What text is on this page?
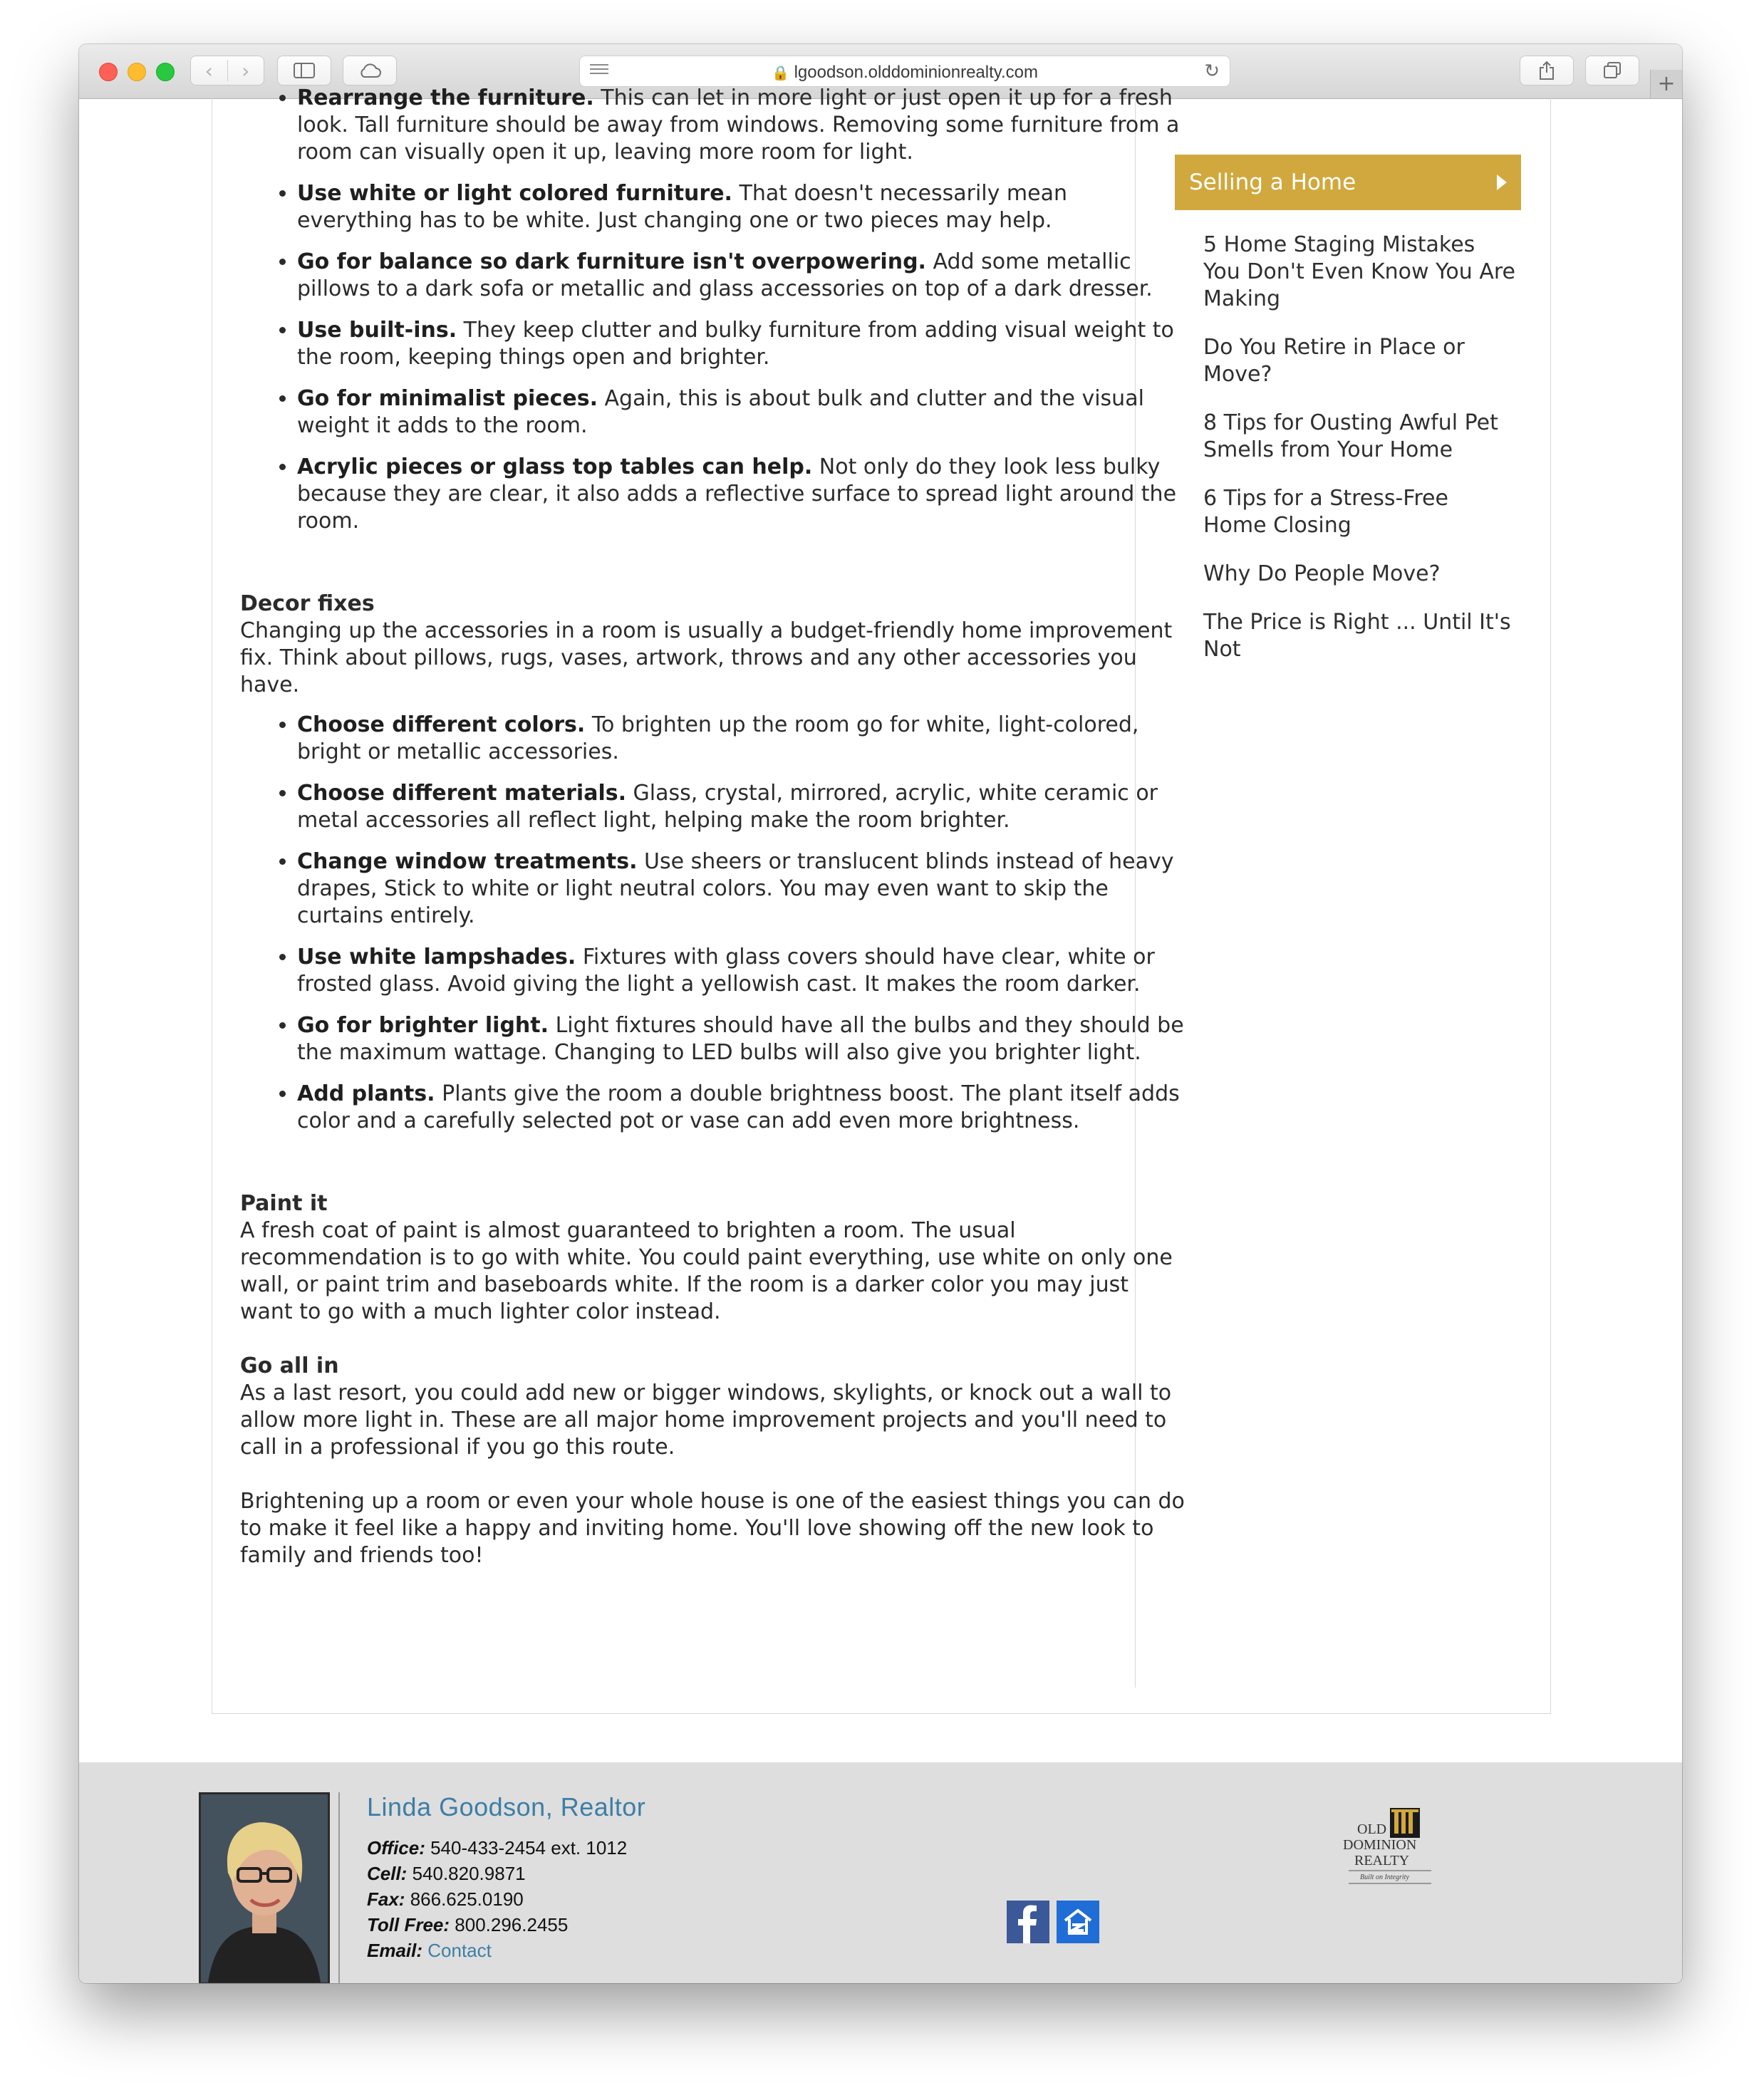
‹	›	🔒 lgoodson.olddominionrealty.com	↻	+
• Rearrange the furniture. This can let in more light or just open it up for a fresh look. Tall furniture should be away from windows. Removing some furniture from a room can visually open it up, leaving more room for light.
• Use white or light colored furniture. That doesn't necessarily mean everything has to be white. Just changing one or two pieces may help.
• Go for balance so dark furniture isn't overpowering. Add some metallic pillows to a dark sofa or metallic and glass accessories on top of a dark dresser.
• Use built-ins. They keep clutter and bulky furniture from adding visual weight to the room, keeping things open and brighter.
• Go for minimalist pieces. Again, this is about bulk and clutter and the visual weight it adds to the room.
• Acrylic pieces or glass top tables can help. Not only do they look less bulky because they are clear, it also adds a reflective surface to spread light around the room.
Decor fixes

Changing up the accessories in a room is usually a budget-friendly home improvement fix. Think about pillows, rugs, vases, artwork, throws and any other accessories you have.

• Choose different colors. To brighten up the room go for white, light-colored, bright or metallic accessories.
• Choose different materials. Glass, crystal, mirrored, acrylic, white ceramic or metal accessories all reflect light, helping make the room brighter.
• Change window treatments. Use sheers or translucent blinds instead of heavy drapes, Stick to white or light neutral colors. You may even want to skip the curtains entirely.
• Use white lampshades. Fixtures with glass covers should have clear, white or frosted glass. Avoid giving the light a yellowish cast. It makes the room darker.
• Go for brighter light. Light fixtures should have all the bulbs and they should be the maximum wattage. Changing to LED bulbs will also give you brighter light.
• Add plants. Plants give the room a double brightness boost. The plant itself adds color and a carefully selected pot or vase can add even more brightness.
Paint it

A fresh coat of paint is almost guaranteed to brighten a room. The usual recommendation is to go with white. You could paint everything, use white on only one wall, or paint trim and baseboards white. If the room is a darker color you may just want to go with a much lighter color instead.

Go all in

As a last resort, you could add new or bigger windows, skylights, or knock out a wall to allow more light in. These are all major home improvement projects and you'll need to call in a professional if you go this route.

Brightening up a room or even your whole house is one of the easiest things you can do to make it feel like a happy and inviting home. You'll love showing off the new look to family and friends too!

Selling a Home
5 Home Staging Mistakes You Don't Even Know You Are Making
Do You Retire in Place or Move?
8 Tips for Ousting Awful Pet Smells from Your Home
6 Tips for a Stress-Free Home Closing
Why Do People Move?
The Price is Right ... Until It's Not
Linda Goodson, Realtor
Office: 540-433-2454 ext. 1012
Cell: 540.820.9871
Fax: 866.625.0190
Toll Free: 800.296.2455
Email: Contact
OLD
DOMINION
REALTY
Built on Integrity
